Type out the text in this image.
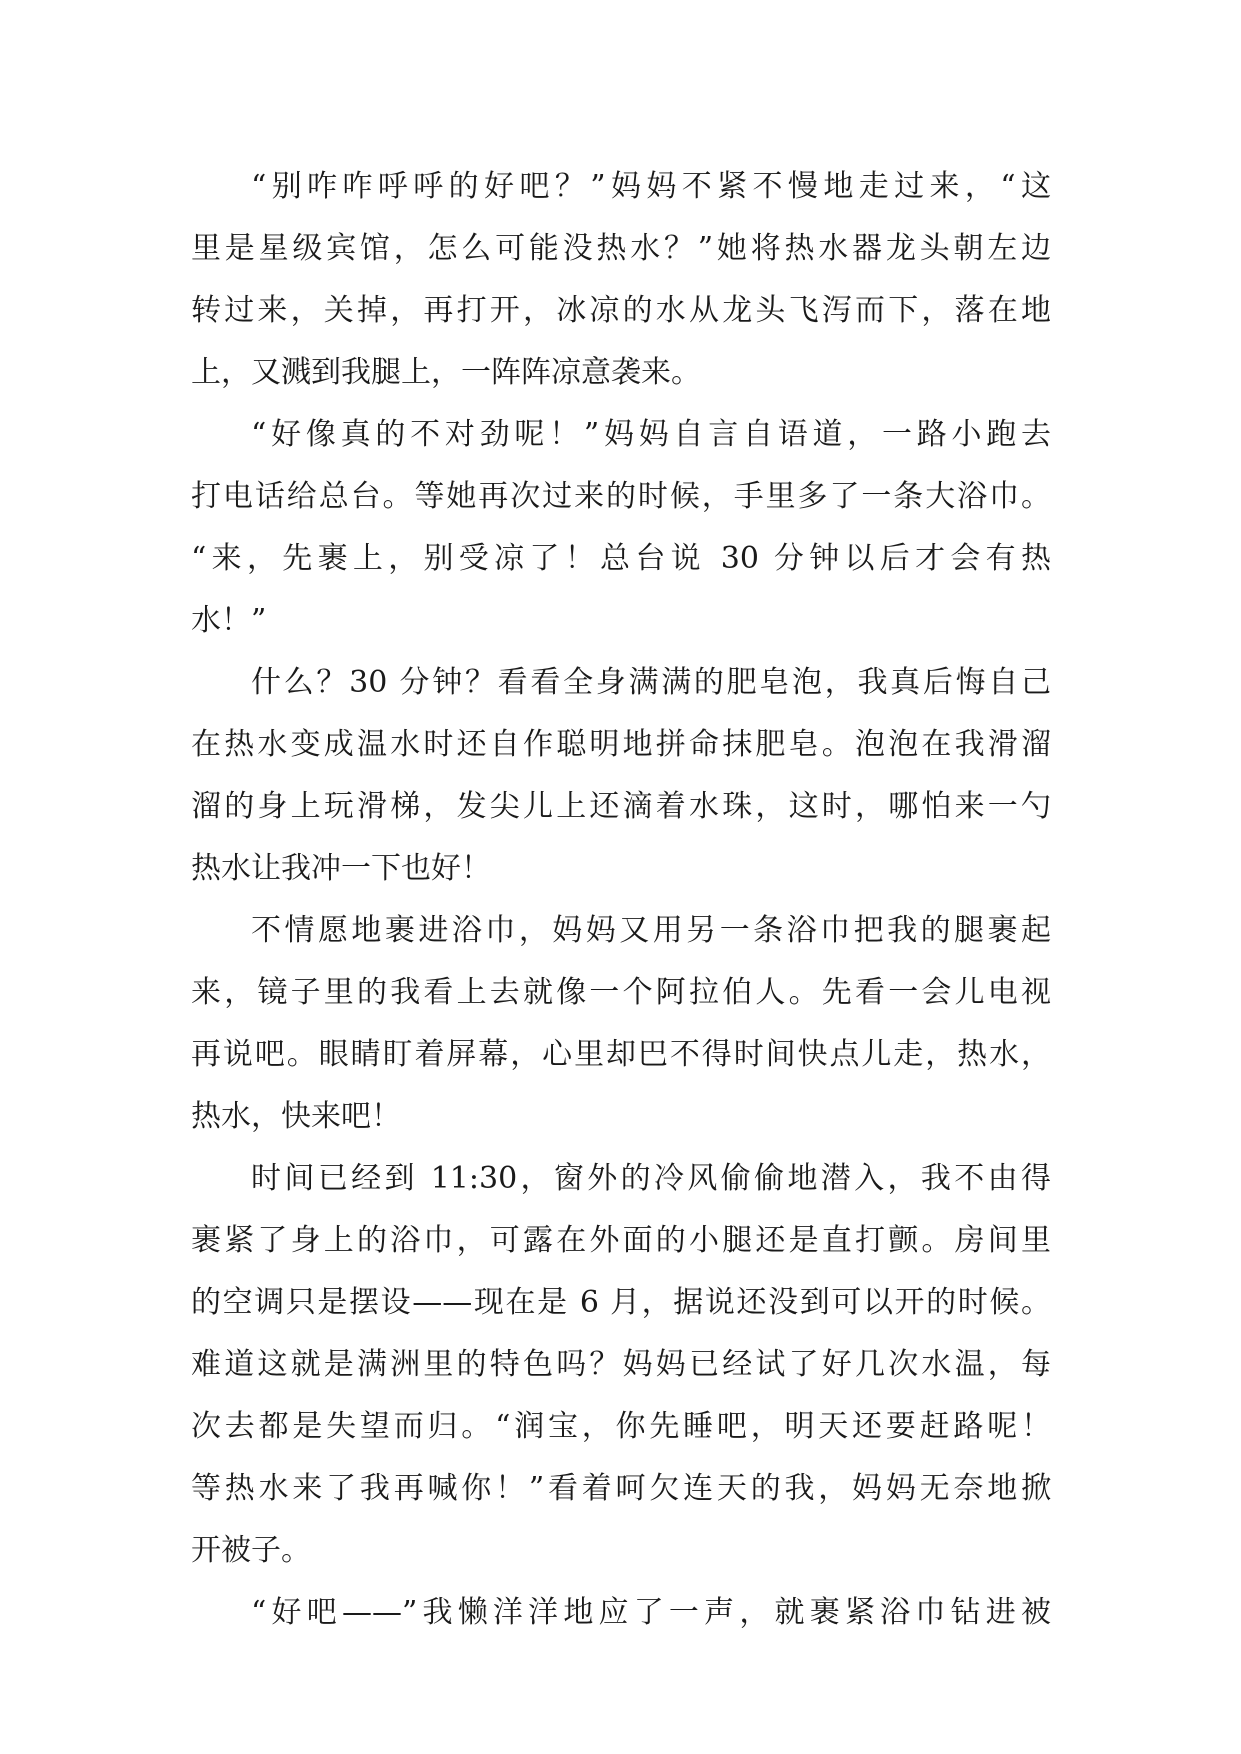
“别咋咋呼呼的好吧？”妈妈不紧不慢地走过来，“这
里是星级宾馆，怎么可能没热水？”她将热水器龙头朝左边
转过来，关掉，再打开，冰凉的水从龙头飞泻而下，落在地
上，又溅到我腿上，一阵阵凉意袭来。
“好像真的不对劲呢！”妈妈自言自语道，一路小跑去
打电话给总台。等她再次过来的时候，手里多了一条大浴巾。
“来，先裹上，别受凉了！总台说 30 分钟以后才会有热
水！”
什么？30 分钟？看看全身满满的肥皂泡，我真后悔自己
在热水变成温水时还自作聪明地拼命抹肥皂。泡泡在我滑溜
溜的身上玩滑梯，发尖儿上还滴着水珠，这时，哪怕来一勺
热水让我冲一下也好！
不情愿地裹进浴巾，妈妈又用另一条浴巾把我的腿裹起
来，镜子里的我看上去就像一个阿拉伯人。先看一会儿电视
再说吧。眼睛盯着屏幕，心里却巴不得时间快点儿走，热水，
热水，快来吧！
时间已经到 11:30，窗外的冷风偷偷地潜入，我不由得
裹紧了身上的浴巾，可露在外面的小腿还是直打颤。房间里
的空调只是摆设——现在是 6 月，据说还没到可以开的时候。
难道这就是满洲里的特色吗？妈妈已经试了好几次水温，每
次去都是失望而归。“润宝，你先睡吧，明天还要赶路呢！
等热水来了我再喊你！”看着呵欠连天的我，妈妈无奈地掀
开被子。
“好吧——”我懒洋洋地应了一声，就裹紧浴巾钻进被
